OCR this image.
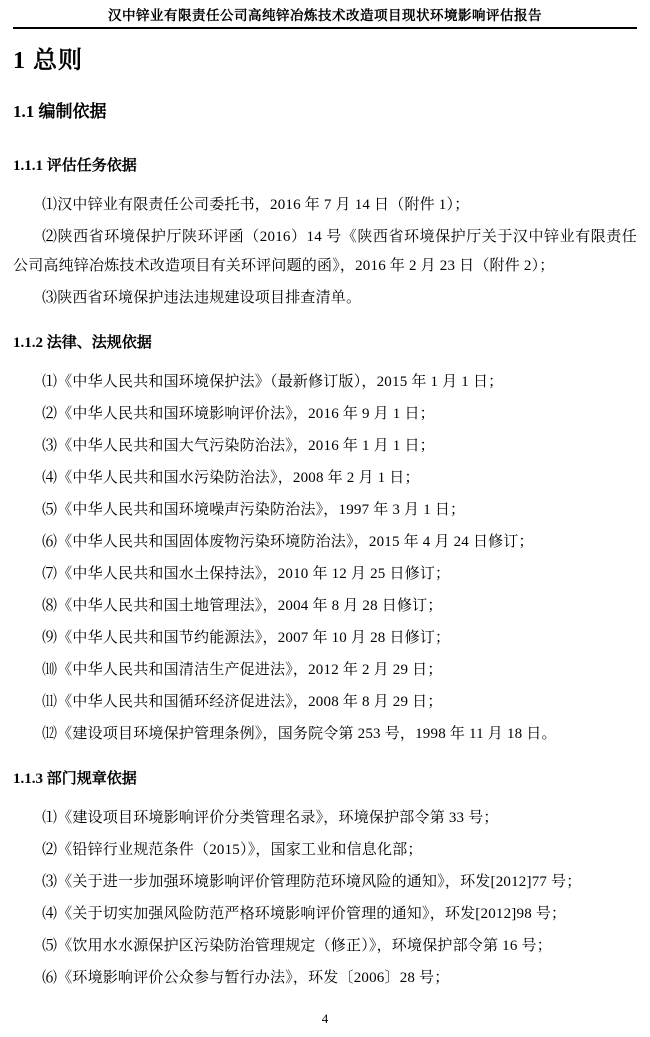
汉中锌业有限责任公司高纯锌冶炼技术改造项目现状环境影响评估报告
1 总则
1.1 编制依据
1.1.1 评估任务依据

⑴汉中锌业有限责任公司委托书，2016 年 7 月 14 日（附件 1）；

⑵陕西省环境保护厅陕环评函（2016）14 号《陕西省环境保护厅关于汉中锌业有限责任公司高纯锌冶炼技术改造项目有关环评问题的函》，2016 年 2 月 23 日（附件 2）；

⑶陕西省环境保护违法违规建设项目排查清单。

1.1.2 法律、法规依据

⑴《中华人民共和国环境保护法》（最新修订版），2015 年 1 月 1 日；

⑵《中华人民共和国环境影响评价法》，2016 年 9 月 1 日；

⑶《中华人民共和国大气污染防治法》，2016 年 1 月 1 日；

⑷《中华人民共和国水污染防治法》，2008 年 2 月 1 日；

⑸《中华人民共和国环境噪声污染防治法》，1997 年 3 月 1 日；

⑹《中华人民共和国固体废物污染环境防治法》，2015 年 4 月 24 日修订；

⑺《中华人民共和国水土保持法》，2010 年 12 月 25 日修订；

⑻《中华人民共和国土地管理法》，2004 年 8 月 28 日修订；

⑼《中华人民共和国节约能源法》，2007 年 10 月 28 日修订；

⑽《中华人民共和国清洁生产促进法》，2012 年 2 月 29 日；

⑾《中华人民共和国循环经济促进法》，2008 年 8 月 29 日；

⑿《建设项目环境保护管理条例》，国务院令第 253 号，1998 年 11 月 18 日。

1.1.3 部门规章依据

⑴《建设项目环境影响评价分类管理名录》，环境保护部令第 33 号；

⑵《铅锌行业规范条件（2015）》，国家工业和信息化部；

⑶《关于进一步加强环境影响评价管理防范环境风险的通知》，环发[2012]77 号；

⑷《关于切实加强风险防范严格环境影响评价管理的通知》，环发[2012]98 号；

⑸《饮用水水源保护区污染防治管理规定（修正）》，环境保护部令第 16 号；

⑹《环境影响评价公众参与暂行办法》，环发〔2006〕28 号；

4
